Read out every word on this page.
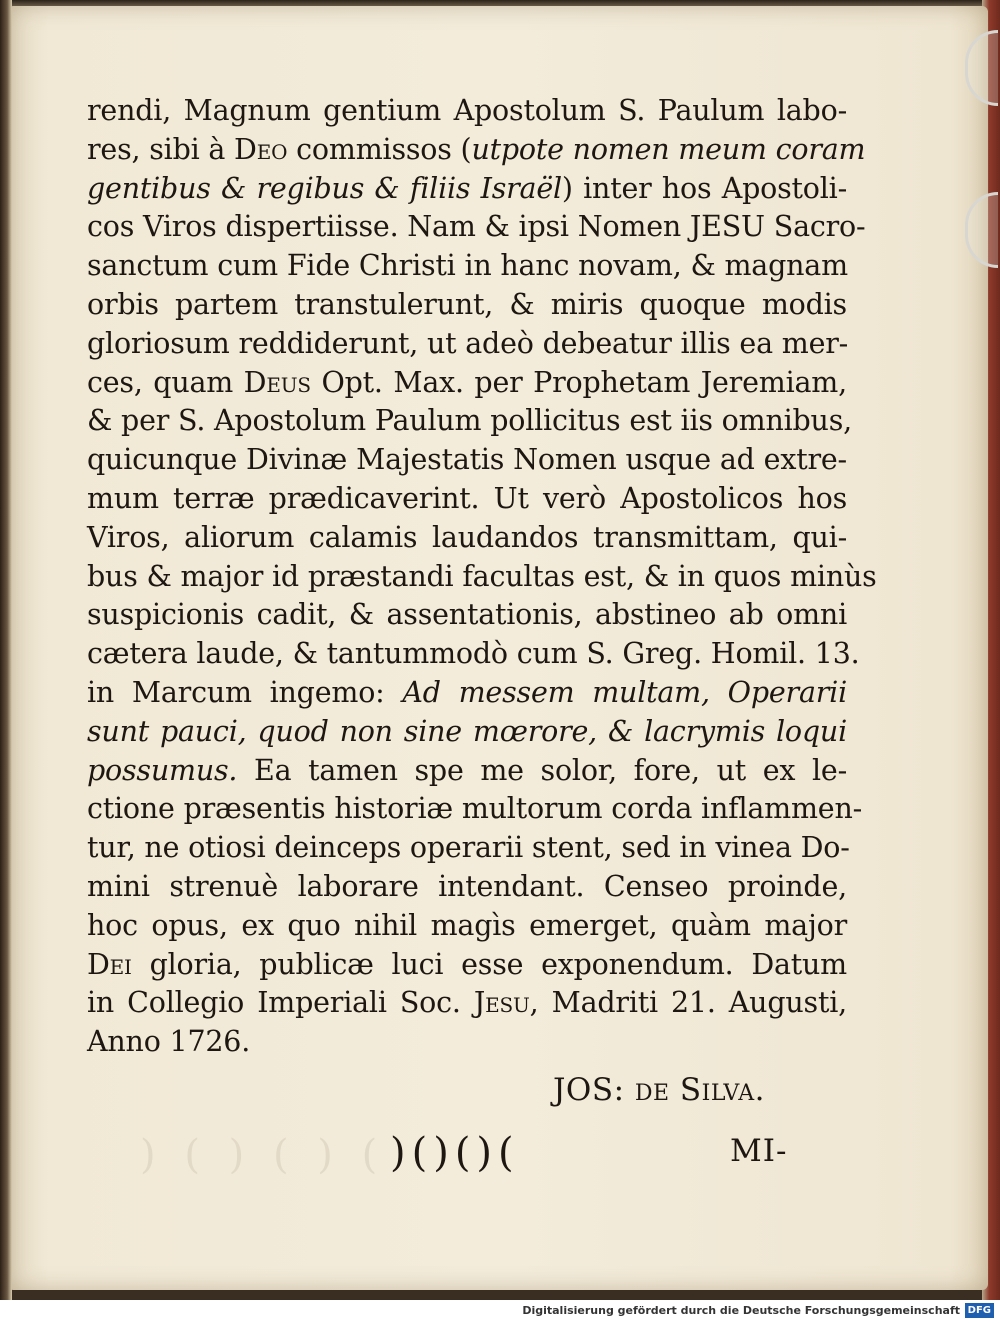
) ( ) ( ) (
rendi, Magnum gentium Apostolum S. Paulum labo-
res, sibi à Deo commissos (utpote nomen meum coram
gentibus & regibus & filiis Israël) inter hos Apostoli-
cos Viros dispertiisse. Nam & ipsi Nomen JESU Sacro-
sanctum cum Fide Christi in hanc novam, & magnam
orbis partem transtulerunt, & miris quoque modis
gloriosum reddiderunt, ut adeò debeatur illis ea mer-
ces, quam Deus Opt. Max. per Prophetam Jeremiam,
& per S. Apostolum Paulum pollicitus est iis omnibus,
quicunque Divinæ Majestatis Nomen usque ad extre-
mum terræ prædicaverint. Ut verò Apostolicos hos
Viros, aliorum calamis laudandos transmittam, qui-
bus & major id præstandi facultas est, & in quos minùs
suspicionis cadit, & assentationis, abstineo ab omni
cætera laude, & tantummodò cum S. Greg. Homil. 13.
in Marcum ingemo: Ad messem multam, Operarii
sunt pauci, quod non sine mœrore, & lacrymis loqui
possumus. Ea tamen spe me solor, fore, ut ex le-
ctione præsentis historiæ multorum corda inflammen-
tur, ne otiosi deinceps operarii stent, sed in vinea Do-
mini strenuè laborare intendant. Censeo proinde,
hoc opus, ex quo nihil magìs emerget, quàm major
Dei gloria, publicæ luci esse exponendum. Datum
in Collegio Imperiali Soc. Jesu, Madriti 21. Augusti,
Anno 1726.
JOS: de Silva.
)()()(	MI-
Digitalisierung gefördert durch die Deutsche Forschungsgemeinschaft DFG
